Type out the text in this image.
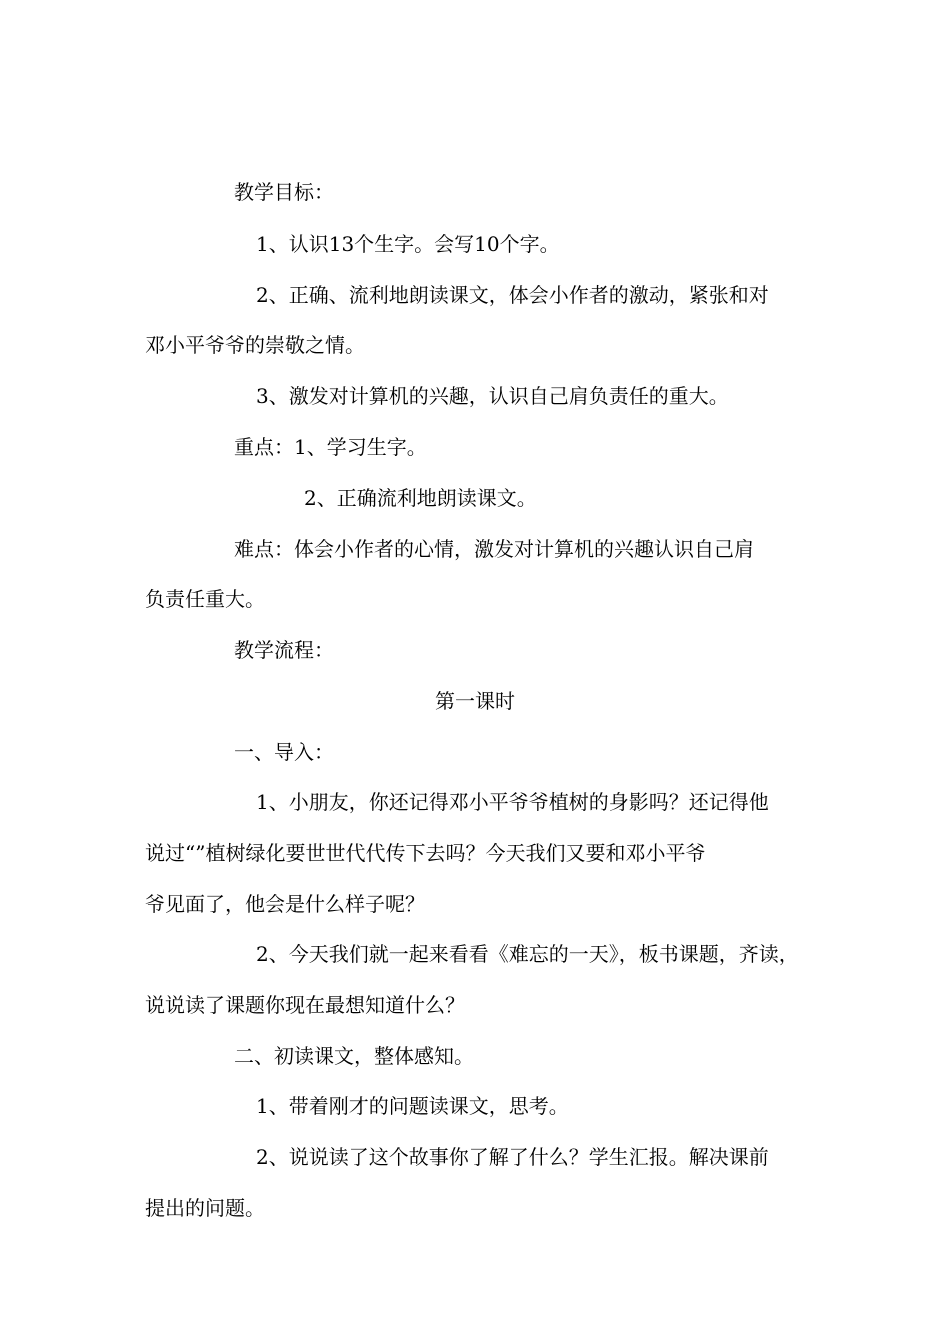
教学目标：
1、认识13个生字。会写10个字。
2、正确、流利地朗读课文，体会小作者的激动，紧张和对
邓小平爷爷的崇敬之情。
3、激发对计算机的兴趣，认识自己肩负责任的重大。
重点：1、学习生字。
2、正确流利地朗读课文。
难点：体会小作者的心情，激发对计算机的兴趣认识自己肩
负责任重大。
教学流程：
第一课时
一、导入：
1、小朋友，你还记得邓小平爷爷植树的身影吗？还记得他
说过“”植树绿化要世世代代传下去吗？今天我们又要和邓小平爷
爷见面了，他会是什么样子呢？
2、今天我们就一起来看看《难忘的一天》，板书课题，齐读，
说说读了课题你现在最想知道什么？
二、初读课文，整体感知。
1、带着刚才的问题读课文，思考。
2、说说读了这个故事你了解了什么？学生汇报。解决课前
提出的问题。
